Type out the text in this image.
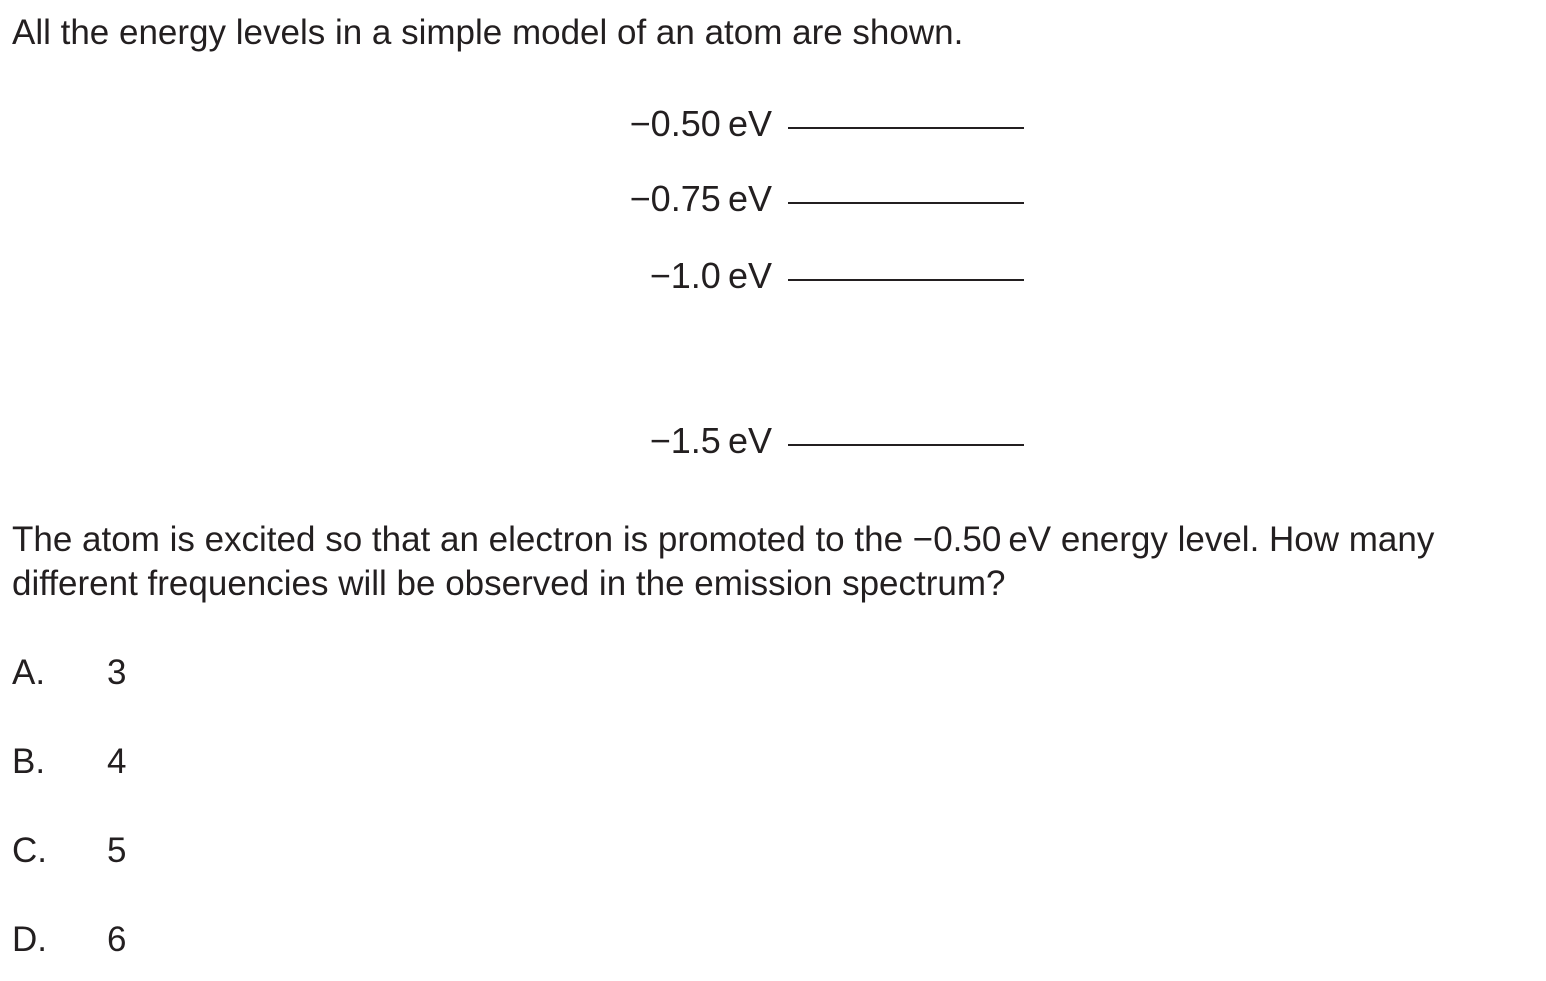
All the energy levels in a simple model of an atom are shown.
−0.50 eV
−0.75 eV
−1.0 eV
−1.5 eV
The atom is excited so that an electron is promoted to the −0.50 eV energy level. How many
different frequencies will be observed in the emission spectrum?
A. 3
B. 4
C. 5
D. 6
